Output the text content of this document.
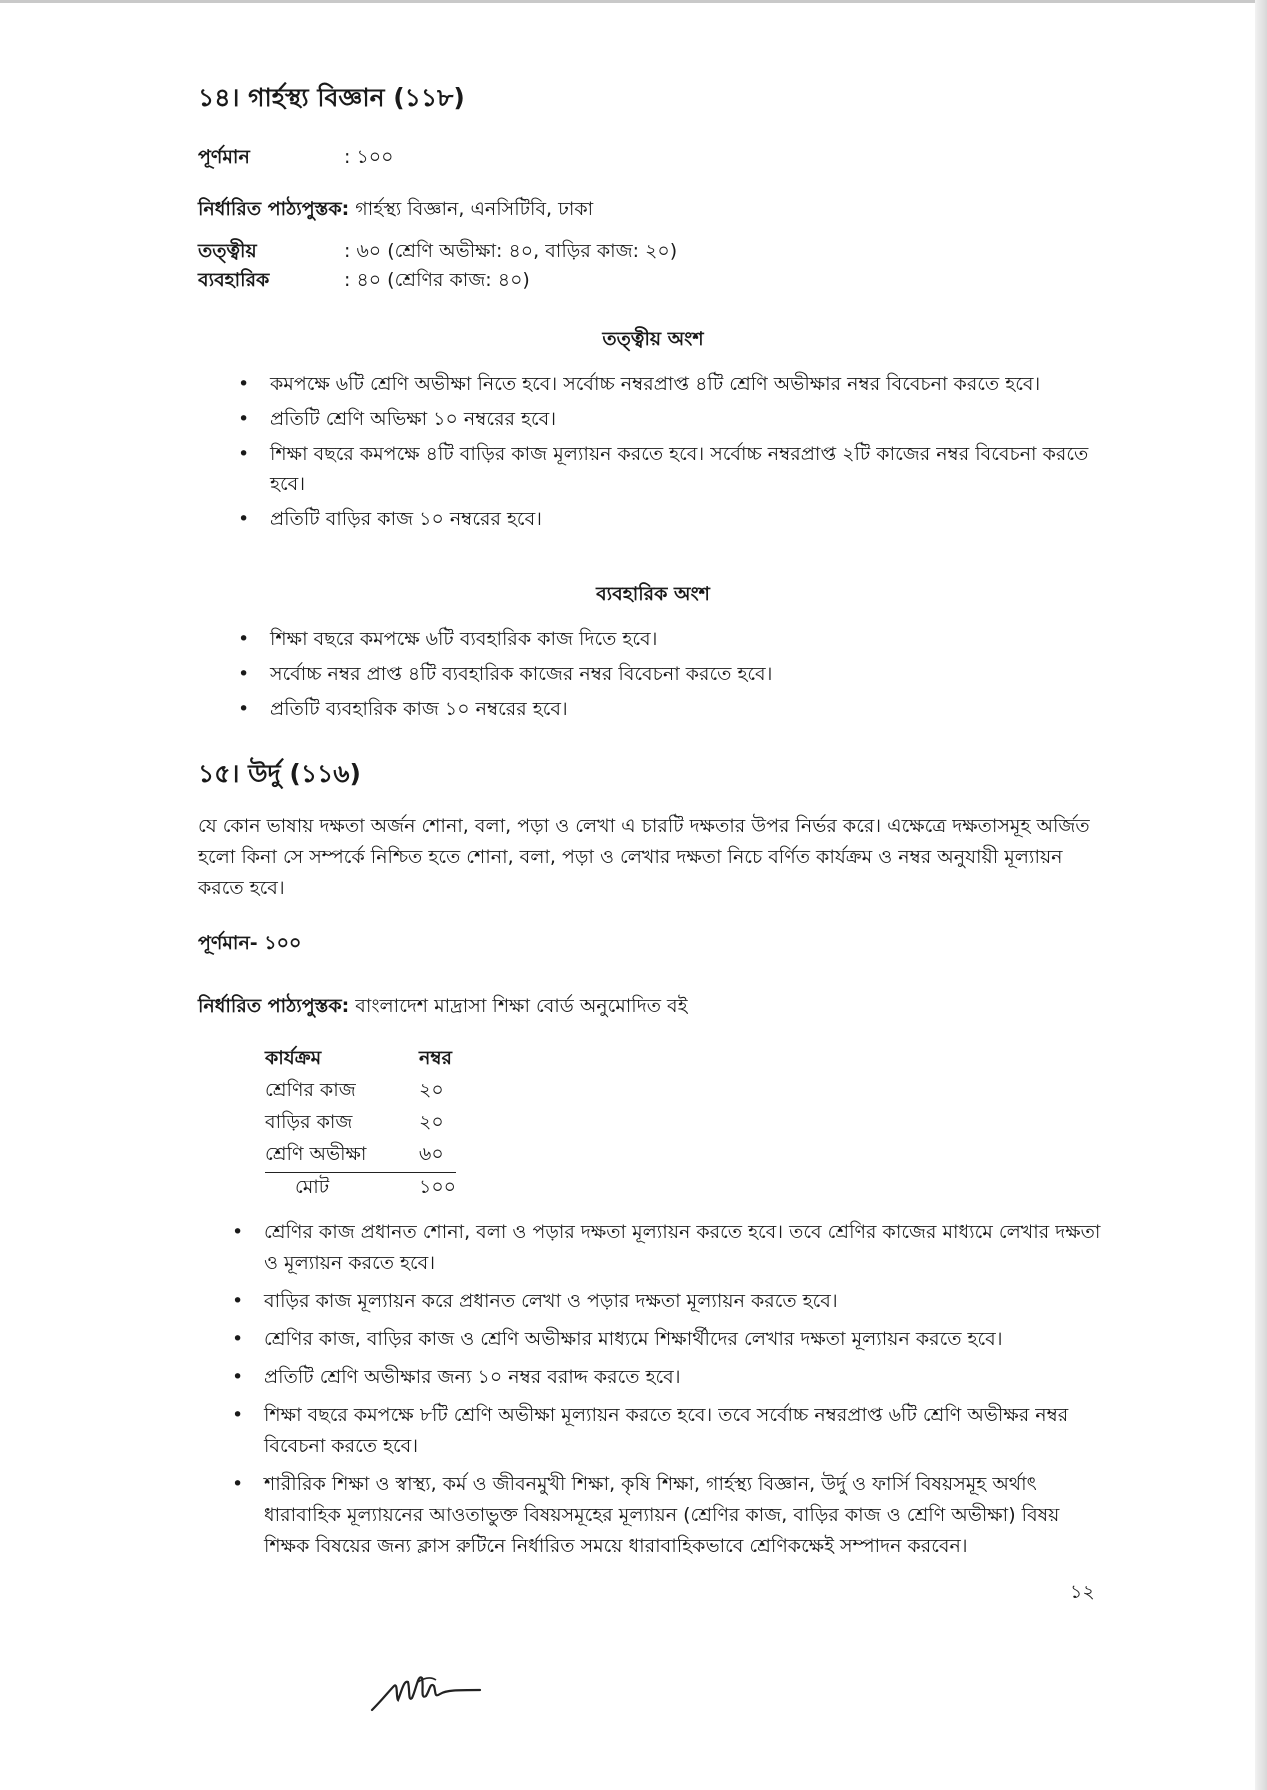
১৪। গার্হস্থ্য বিজ্ঞান (১১৮)
পূর্ণমান	: ১০০
নির্ধারিত পাঠ্যপুস্তক: গার্হস্থ্য বিজ্ঞান, এনসিটিবি, ঢাকা
তত্ত্বীয়	: ৬০ (শ্রেণি অভীক্ষা: ৪০, বাড়ির কাজ: ২০)
ব্যবহারিক	: ৪০ (শ্রেণির কাজ: ৪০)
তত্ত্বীয় অংশ
• কমপক্ষে ৬টি শ্রেণি অভীক্ষা নিতে হবে। সর্বোচ্চ নম্বরপ্রাপ্ত ৪টি শ্রেণি অভীক্ষার নম্বর বিবেচনা করতে হবে।
• প্রতিটি শ্রেণি অভিক্ষা ১০ নম্বরের হবে।
• শিক্ষা বছরে কমপক্ষে ৪টি বাড়ির কাজ মূল্যায়ন করতে হবে। সর্বোচ্চ নম্বরপ্রাপ্ত ২টি কাজের নম্বর বিবেচনা করতে হবে।
• প্রতিটি বাড়ির কাজ ১০ নম্বরের হবে।
ব্যবহারিক অংশ
• শিক্ষা বছরে কমপক্ষে ৬টি ব্যবহারিক কাজ দিতে হবে।
• সর্বোচ্চ নম্বর প্রাপ্ত ৪টি ব্যবহারিক কাজের নম্বর বিবেচনা করতে হবে।
• প্রতিটি ব্যবহারিক কাজ ১০ নম্বরের হবে।
১৫। উর্দু (১১৬)
যে কোন ভাষায় দক্ষতা অর্জন শোনা, বলা, পড়া ও লেখা এ চারটি দক্ষতার উপর নির্ভর করে। এক্ষেত্রে দক্ষতাসমূহ অর্জিত হলো কিনা সে সম্পর্কে নিশ্চিত হতে শোনা, বলা, পড়া ও লেখার দক্ষতা নিচে বর্ণিত কার্যক্রম ও নম্বর অনুযায়ী মূল্যায়ন করতে হবে।
পূর্ণমান- ১০০
নির্ধারিত পাঠ্যপুস্তক: বাংলাদেশ মাদ্রাসা শিক্ষা বোর্ড অনুমোদিত বই
কার্যক্রম	নম্বর
শ্রেণির কাজ	২০
বাড়ির কাজ	২০
শ্রেণি অভীক্ষা	৬০
মোট	১০০
• শ্রেণির কাজ প্রধানত শোনা, বলা ও পড়ার দক্ষতা মূল্যায়ন করতে হবে। তবে শ্রেণির কাজের মাধ্যমে লেখার দক্ষতা ও মূল্যায়ন করতে হবে।
• বাড়ির কাজ মূল্যায়ন করে প্রধানত লেখা ও পড়ার দক্ষতা মূল্যায়ন করতে হবে।
• শ্রেণির কাজ, বাড়ির কাজ ও শ্রেণি অভীক্ষার মাধ্যমে শিক্ষার্থীদের লেখার দক্ষতা মূল্যায়ন করতে হবে।
• প্রতিটি শ্রেণি অভীক্ষার জন্য ১০ নম্বর বরাদ্দ করতে হবে।
• শিক্ষা বছরে কমপক্ষে ৮টি শ্রেণি অভীক্ষা মূল্যায়ন করতে হবে। তবে সর্বোচ্চ নম্বরপ্রাপ্ত ৬টি শ্রেণি অভীক্ষর নম্বর বিবেচনা করতে হবে।
• শারীরিক শিক্ষা ও স্বাস্থ্য, কর্ম ও জীবনমুখী শিক্ষা, কৃষি শিক্ষা, গার্হস্থ্য বিজ্ঞান, উর্দু ও ফার্সি বিষয়সমূহ অর্থাৎ ধারাবাহিক মূল্যায়নের আওতাভুক্ত বিষয়সমূহের মূল্যায়ন (শ্রেণির কাজ, বাড়ির কাজ ও শ্রেণি অভীক্ষা) বিষয় শিক্ষক বিষয়ের জন্য ক্লাস রুটিনে নির্ধারিত সময়ে ধারাবাহিকভাবে শ্রেণিকক্ষেই সম্পাদন করবেন।
১২
